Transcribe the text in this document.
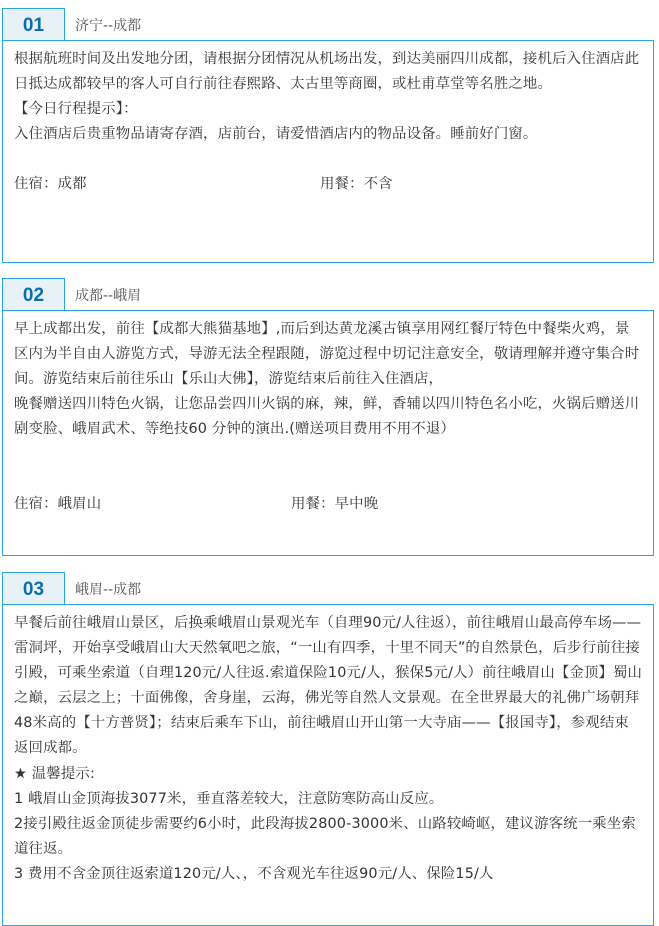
01	济宁--成都

根据航班时间及出发地分团，请根据分团情况从机场出发，到达美丽四川成都，接机后入住酒店此日抵达成都较早的客人可自行前往春熙路、太古里等商圈，或杜甫草堂等名胜之地。

【今日行程提示】：

入住酒店后贵重物品请寄存酒，店前台，请爱惜酒店内的物品设备。睡前好门窗。

住宿：成都	用餐：不含
02	成都--峨眉

早上成都出发，前往【成都大熊猫基地】,而后到达黄龙溪古镇享用网红餐厅特色中餐柴火鸡，景区内为半自由人游览方式，导游无法全程跟随，游览过程中切记注意安全，敬请理解并遵守集合时间。游览结束后前往乐山【乐山大佛】，游览结束后前往入住酒店，

晚餐赠送四川特色火锅，让您品尝四川火锅的麻，辣，鲜，香辅以四川特色名小吃，火锅后赠送川剧变脸、峨眉武术、等绝技60 分钟的演出.(赠送项目费用不用不退）

住宿：峨眉山	用餐：早中晚
03	峨眉--成都

早餐后前往峨眉山景区，后换乘峨眉山景观光车（自理90元/人往返），前往峨眉山最高停车场——雷洞坪，开始享受峨眉山大天然氧吧之旅，“一山有四季，十里不同天”的自然景色，后步行前往接引殿，可乘坐索道（自理120元/人往返.索道保险10元/人，猴保5元/人）前往峨眉山【金顶】蜀山之巅，云层之上；十面佛像，舍身崖，云海，佛光等自然人文景观。在全世界最大的礼佛广场朝拜48米高的【十方普贤】；结束后乘车下山，前往峨眉山开山第一大寺庙——【报国寺】，参观结束返回成都。

★ 温馨提示:

1 峨眉山金顶海拔3077米，垂直落差较大，注意防寒防高山反应。

2接引殿往返金顶徒步需要约6小时，此段海拔2800-3000米、山路较崎岖，建议游客统一乘坐索道往返。

3 费用不含金顶往返索道120元/人、，不含观光车往返90元/人、保险15/人
